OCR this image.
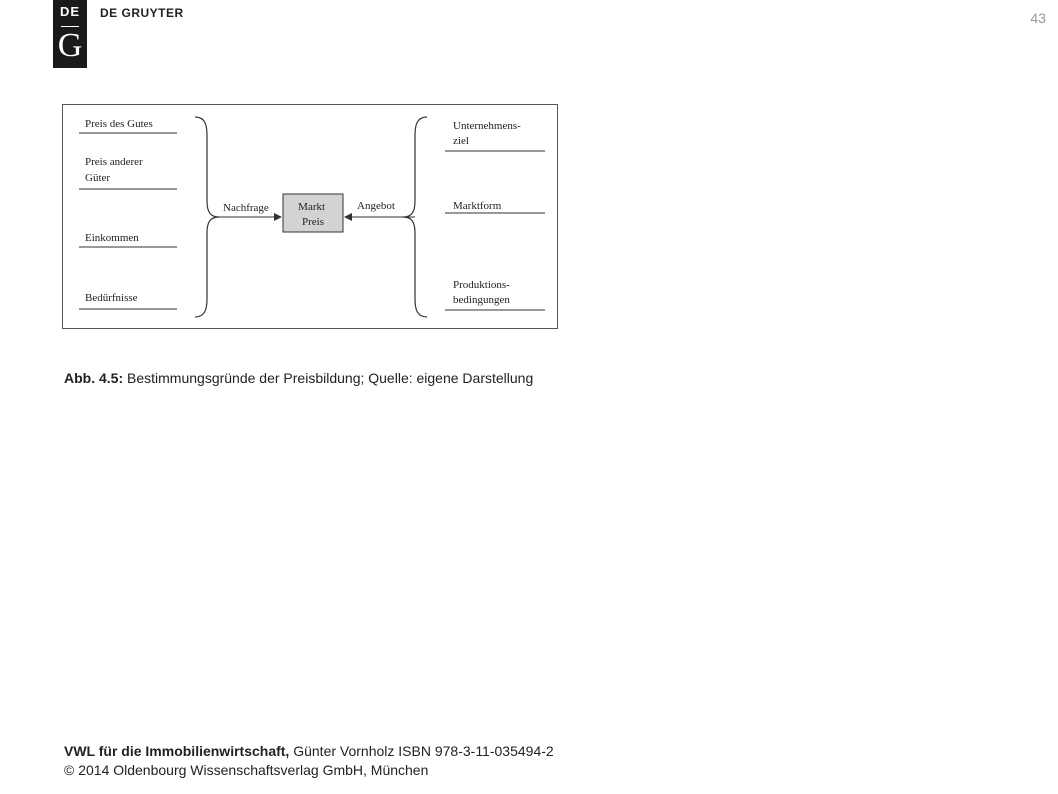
DE
G
DE GRUYTER	43
Preis des Gutes
Preis anderer Güter
Einkommen
Bedürfnisse
Nachfrage	Markt Preis
Angebot
Unternehmens- ziel
Marktform
Produktions- bedingungen
Abb. 4.5: Bestimmungsgründe der Preisbildung; Quelle: eigene Darstellung
VWL für die Immobilienwirtschaft, Günter Vornholz ISBN 978-3-11-035494-2
© 2014 Oldenbourg Wissenschaftsverlag GmbH, München
